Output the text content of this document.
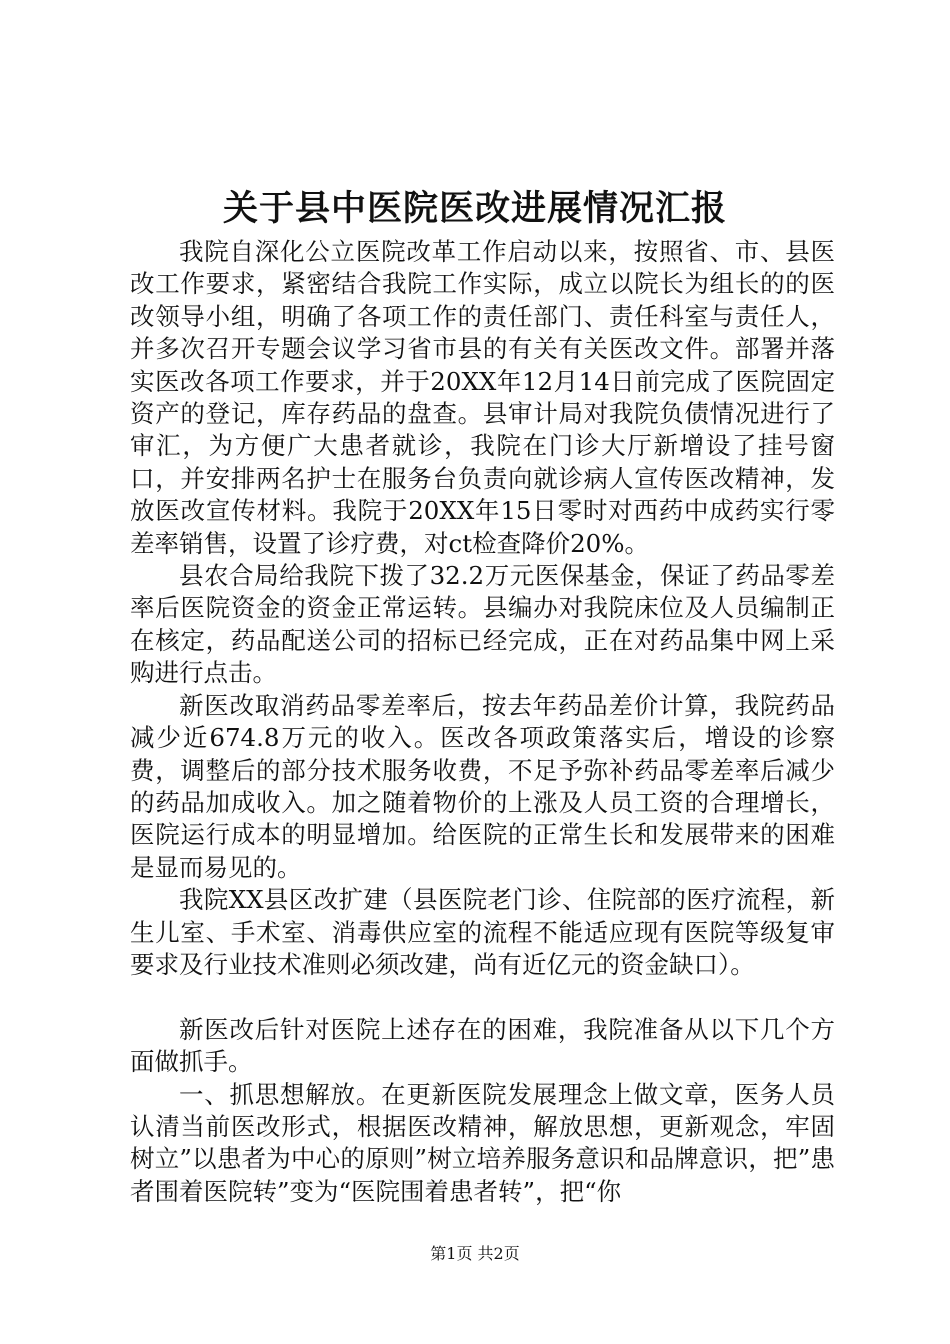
关于县中医院医改进展情况汇报

我院自深化公立医院改革工作启动以来，按照省、市、县医改工作要求，紧密结合我院工作实际，成立以院长为组长的的医改领导小组，明确了各项工作的责任部门、责任科室与责任人，并多次召开专题会议学习省市县的有关有关医改文件。部署并落实医改各项工作要求，并于20XX年12月14日前完成了医院固定资产的登记，库存药品的盘查。县审计局对我院负债情况进行了审汇，为方便广大患者就诊，我院在门诊大厅新增设了挂号窗口，并安排两名护士在服务台负责向就诊病人宣传医改精神，发放医改宣传材料。我院于20XX年15日零时对西药中成药实行零差率销售，设置了诊疗费，对ct检查降价20%。

县农合局给我院下拨了32.2万元医保基金，保证了药品零差率后医院资金的资金正常运转。县编办对我院床位及人员编制正在核定，药品配送公司的招标已经完成，正在对药品集中网上采购进行点击。

新医改取消药品零差率后，按去年药品差价计算，我院药品减少近674.8万元的收入。医改各项政策落实后，增设的诊察费，调整后的部分技术服务收费，不足予弥补药品零差率后减少的药品加成收入。加之随着物价的上涨及人员工资的合理增长，医院运行成本的明显增加。给医院的正常生长和发展带来的困难是显而易见的。

我院XX县区改扩建（县医院老门诊、住院部的医疗流程，新生儿室、手术室、消毒供应室的流程不能适应现有医院等级复审要求及行业技术准则必须改建，尚有近亿元的资金缺口）。

新医改后针对医院上述存在的困难，我院准备从以下几个方面做抓手。

一、抓思想解放。在更新医院发展理念上做文章，医务人员认清当前医改形式，根据医改精神，解放思想，更新观念，牢固树立”以患者为中心的原则”树立培养服务意识和品牌意识，把”患者围着医院转”变为“医院围着患者转”，把“你

第1页 共2页
